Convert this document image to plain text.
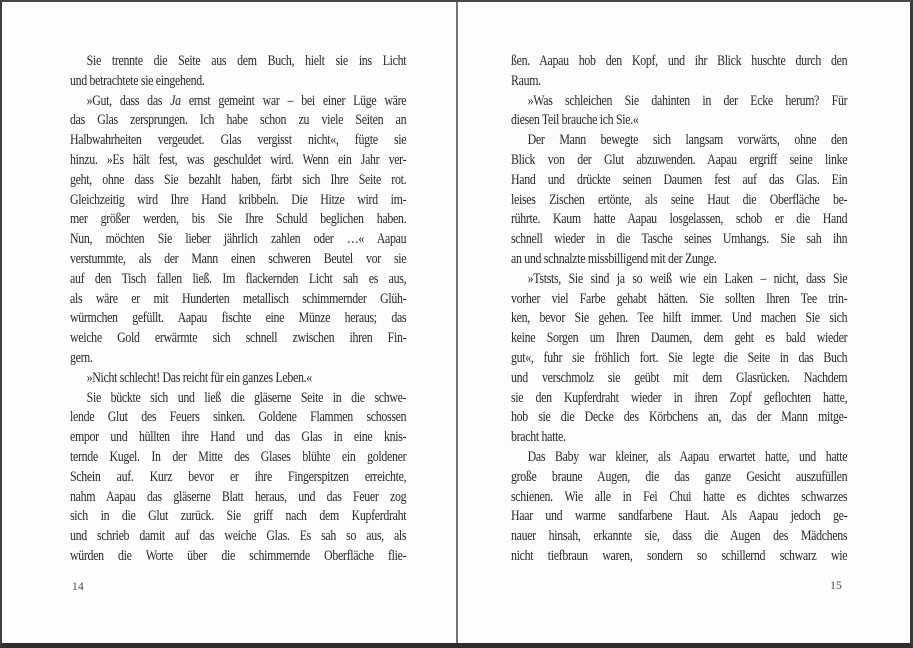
Sie trennte die Seite aus dem Buch, hielt sie ins Licht
und betrachtete sie eingehend.
»Gut, dass das Ja ernst gemeint war – bei einer Lüge wäre
das Glas zersprungen. Ich habe schon zu viele Seiten an
Halbwahrheiten vergeudet. Glas vergisst nicht«, fügte sie
hinzu. »Es hält fest, was geschuldet wird. Wenn ein Jahr ver-
geht, ohne dass Sie bezahlt haben, färbt sich Ihre Seite rot.
Gleichzeitig wird Ihre Hand kribbeln. Die Hitze wird im-
mer größer werden, bis Sie Ihre Schuld beglichen haben.
Nun, möchten Sie lieber jährlich zahlen oder …« Aapau
verstummte, als der Mann einen schweren Beutel vor sie
auf den Tisch fallen ließ. Im flackernden Licht sah es aus,
als wäre er mit Hunderten metallisch schimmernder Glüh-
würmchen gefüllt. Aapau fischte eine Münze heraus; das
weiche Gold erwärmte sich schnell zwischen ihren Fin-
gern.
»Nicht schlecht! Das reicht für ein ganzes Leben.«
Sie bückte sich und ließ die gläserne Seite in die schwe-
lende Glut des Feuers sinken. Goldene Flammen schossen
empor und hüllten ihre Hand und das Glas in eine knis-
ternde Kugel. In der Mitte des Glases blühte ein goldener
Schein auf. Kurz bevor er ihre Fingerspitzen erreichte,
nahm Aapau das gläserne Blatt heraus, und das Feuer zog
sich in die Glut zurück. Sie griff nach dem Kupferdraht
und schrieb damit auf das weiche Glas. Es sah so aus, als
würden die Worte über die schimmernde Oberfläche flie-
ßen. Aapau hob den Kopf, und ihr Blick huschte durch den
Raum.
»Was schleichen Sie dahinten in der Ecke herum? Für
diesen Teil brauche ich Sie.«
Der Mann bewegte sich langsam vorwärts, ohne den
Blick von der Glut abzuwenden. Aapau ergriff seine linke
Hand und drückte seinen Daumen fest auf das Glas. Ein
leises Zischen ertönte, als seine Haut die Oberfläche be-
rührte. Kaum hatte Aapau losgelassen, schob er die Hand
schnell wieder in die Tasche seines Umhangs. Sie sah ihn
an und schnalzte missbilligend mit der Zunge.
»Tststs, Sie sind ja so weiß wie ein Laken – nicht, dass Sie
vorher viel Farbe gehabt hätten. Sie sollten Ihren Tee trin-
ken, bevor Sie gehen. Tee hilft immer. Und machen Sie sich
keine Sorgen um Ihren Daumen, dem geht es bald wieder
gut«, fuhr sie fröhlich fort. Sie legte die Seite in das Buch
und verschmolz sie geübt mit dem Glasrücken. Nachdem
sie den Kupferdraht wieder in ihren Zopf geflochten hatte,
hob sie die Decke des Körbchens an, das der Mann mitge-
bracht hatte.
Das Baby war kleiner, als Aapau erwartet hatte, und hatte
große braune Augen, die das ganze Gesicht auszufüllen
schienen. Wie alle in Fei Chui hatte es dichtes schwarzes
Haar und warme sandfarbene Haut. Als Aapau jedoch ge-
nauer hinsah, erkannte sie, dass die Augen des Mädchens
nicht tiefbraun waren, sondern so schillernd schwarz wie
14	15
